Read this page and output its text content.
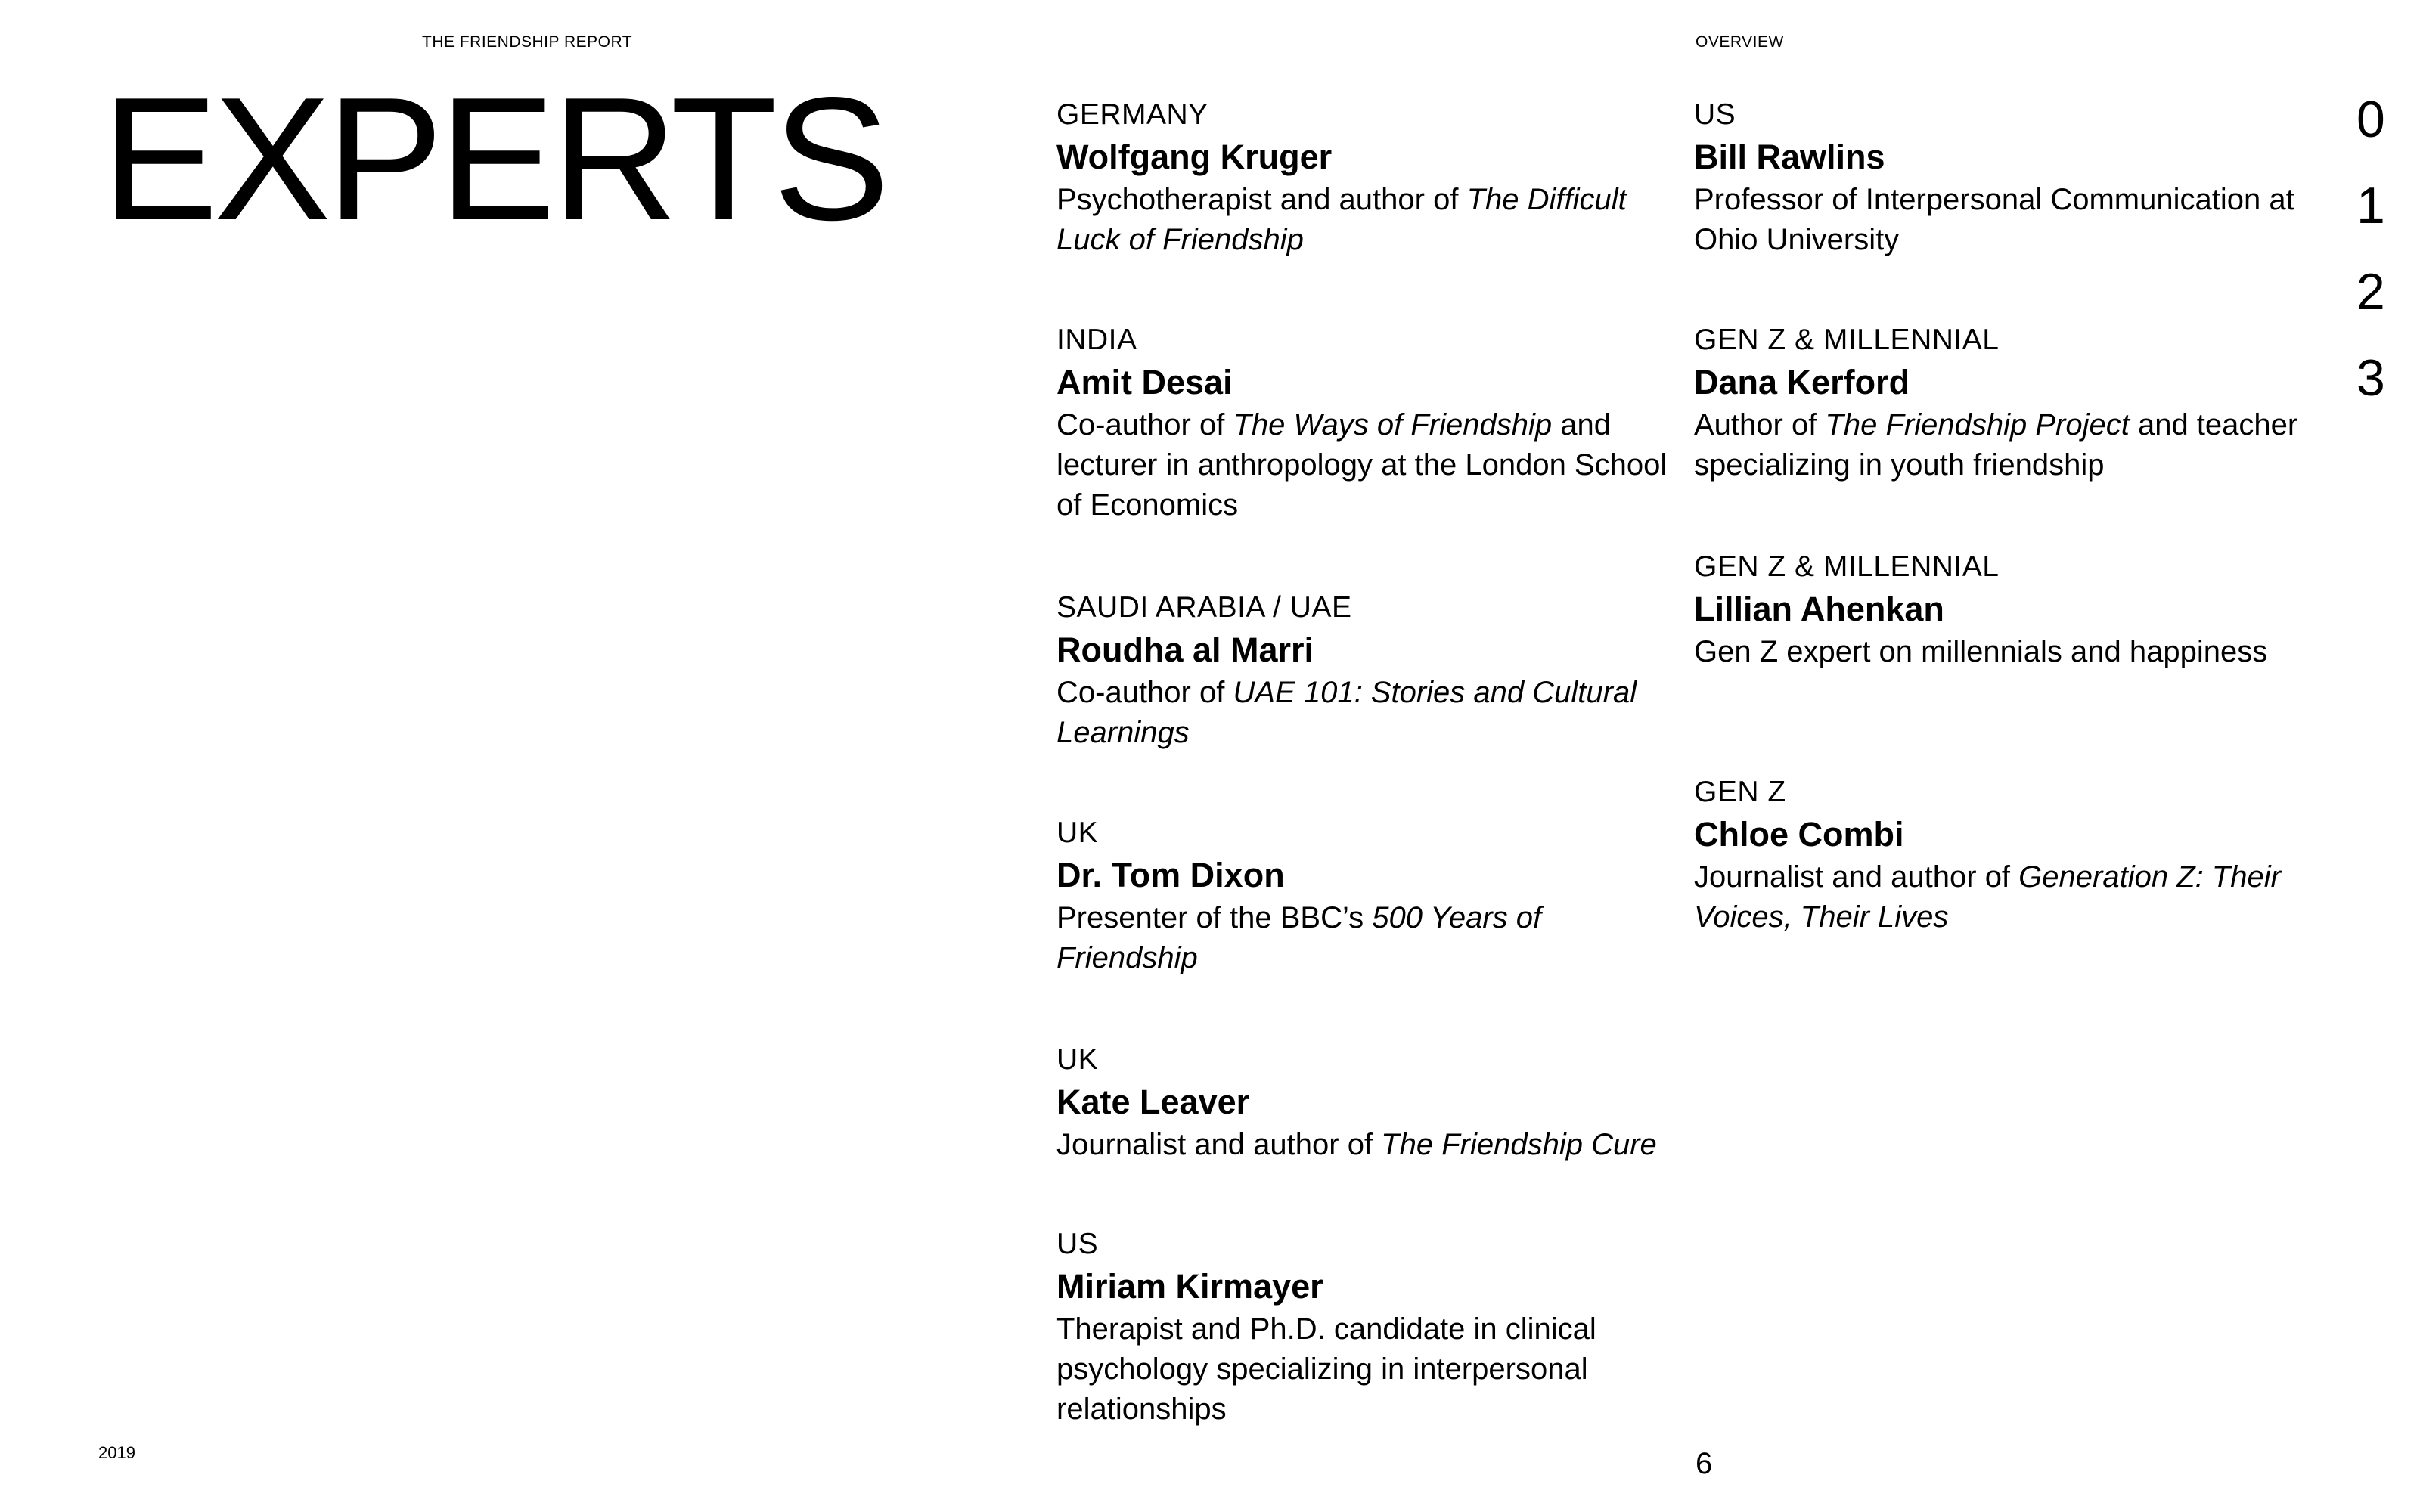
THE FRIENDSHIP REPORT	OVERVIEW
EXPERTS	GERMANY
Wolfgang Kruger
Psychotherapist and author of The Difficult Luck of Friendship
INDIA
Amit Desai
Co-author of The Ways of Friendship and lecturer in anthropology at the London School of Economics
SAUDI ARABIA / UAE
Roudha al Marri
Co-author of UAE 101: Stories and Cultural Learnings
UK
Dr. Tom Dixon
Presenter of the BBC’s 500 Years of Friendship
UK
Kate Leaver
Journalist and author of The Friendship Cure
US
Miriam Kirmayer
Therapist and Ph.D. candidate in clinical psychology specializing in interpersonal relationships
US
Bill Rawlins
Professor of Interpersonal Communication at Ohio University
GEN Z & MILLENNIAL
Dana Kerford
Author of The Friendship Project and teacher specializing in youth friendship
GEN Z & MILLENNIAL
Lillian Ahenkan
Gen Z expert on millennials and happiness
GEN Z
Chloe Combi
Journalist and author of Generation Z: Their Voices, Their Lives
0
1
2
3
2019	6
